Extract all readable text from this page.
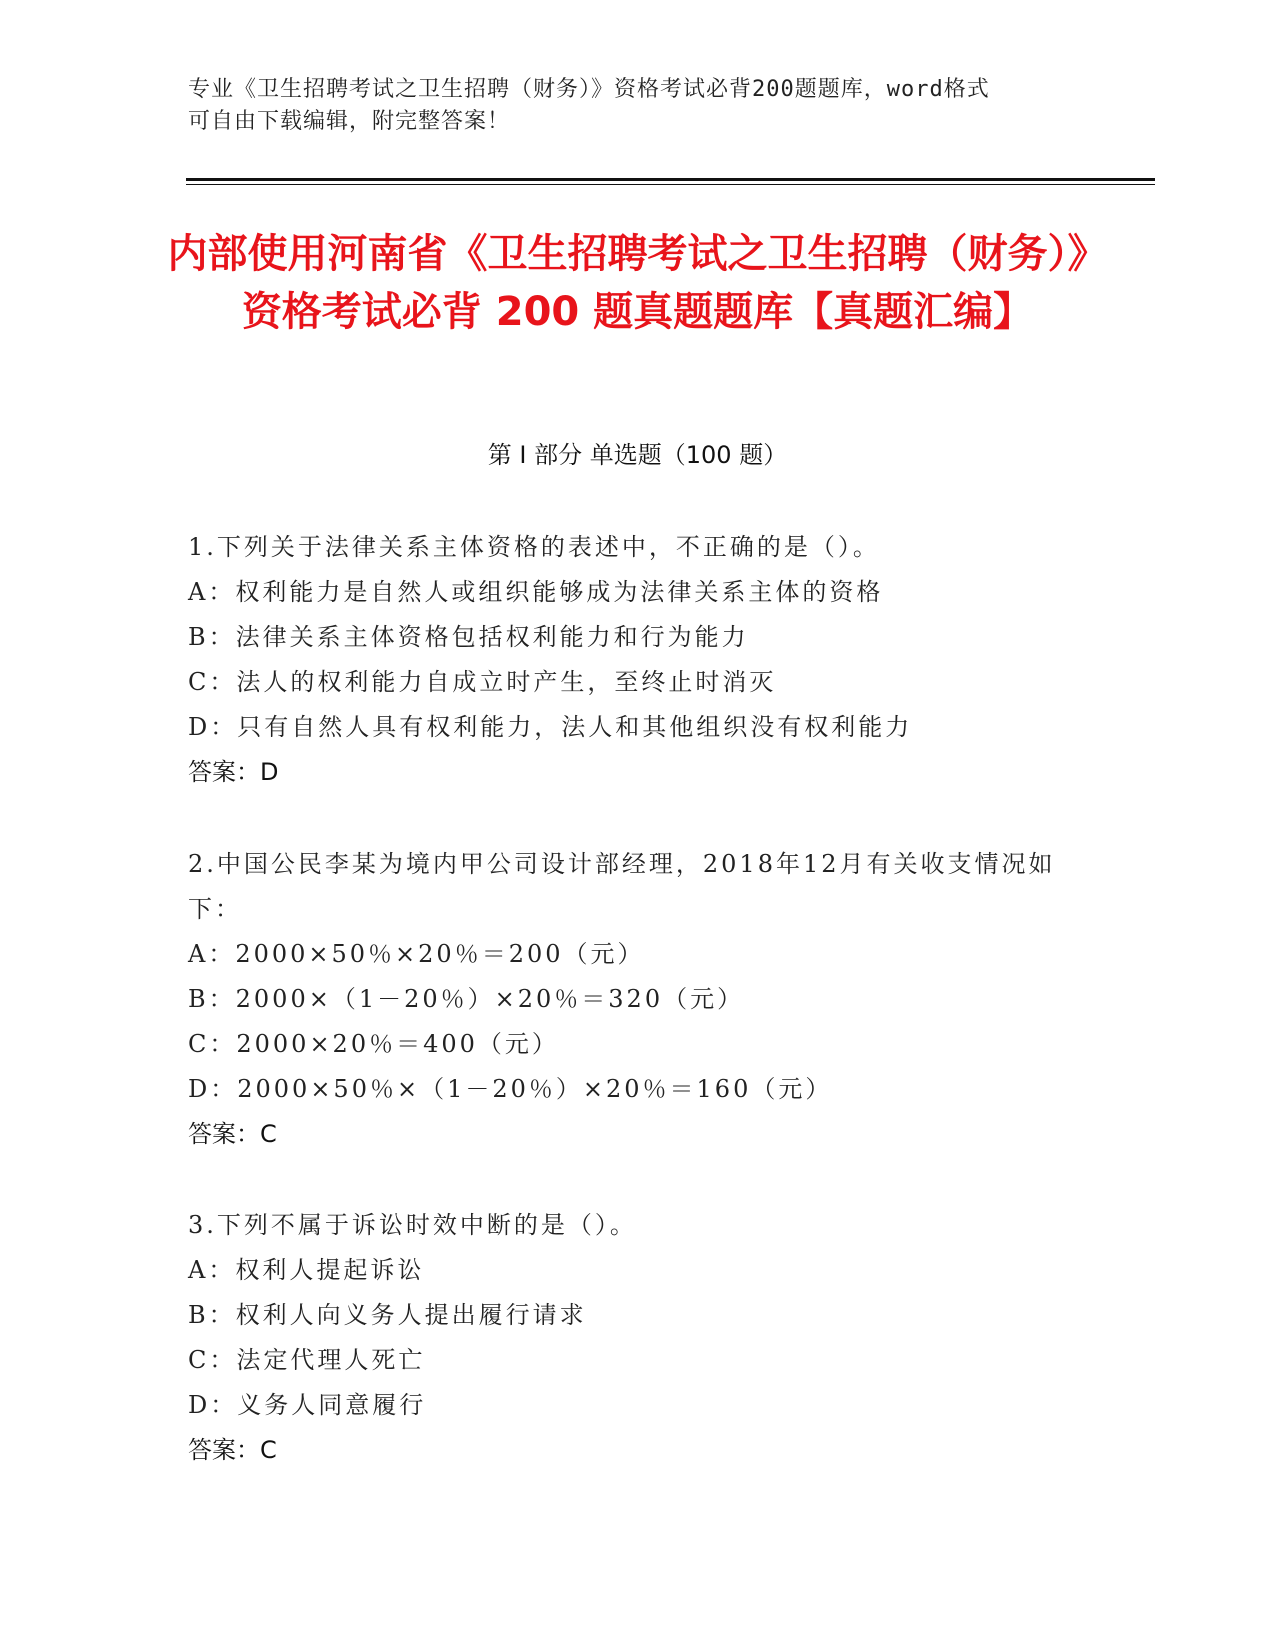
专业《卫生招聘考试之卫生招聘（财务）》资格考试必背200题题库，word格式
可自由下载编辑，附完整答案！
内部使用河南省《卫生招聘考试之卫生招聘（财务）》资格考试必背 200 题真题题库【真题汇编】
第 I 部分 单选题（100 题）
1.下列关于法律关系主体资格的表述中，不正确的是（）。
A：权利能力是自然人或组织能够成为法律关系主体的资格
B：法律关系主体资格包括权利能力和行为能力
C：法人的权利能力自成立时产生，至终止时消灭
D：只有自然人具有权利能力，法人和其他组织没有权利能力
答案：D
2.中国公民李某为境内甲公司设计部经理，2018年12月有关收支情况如下：
A：2000×50％×20％＝200（元）
B：2000×（1－20％）×20％＝320（元）
C：2000×20％＝400（元）
D：2000×50％×（1－20％）×20％＝160（元）
答案：C
3.下列不属于诉讼时效中断的是（）。
A：权利人提起诉讼
B：权利人向义务人提出履行请求
C：法定代理人死亡
D：义务人同意履行
答案：C
